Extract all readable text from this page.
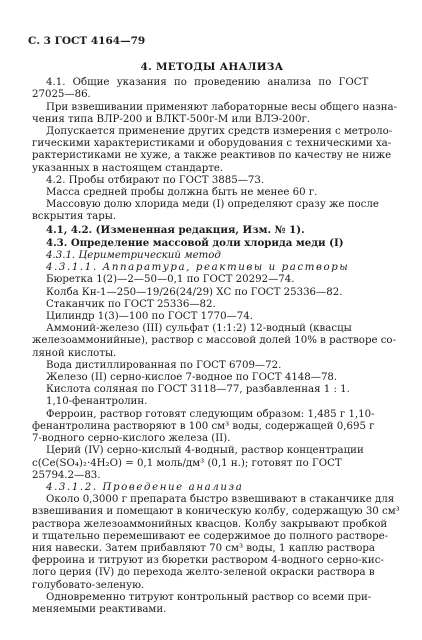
С. 3 ГОСТ 4164—79
4. МЕТОДЫ АНАЛИЗА

4.1. Общие указания по проведению анализа по ГОСТ

27025—86.

При взвешивании применяют лабораторные весы общего назна-

чения типа ВЛР-200 и ВЛКТ-500г-М или ВЛЭ-200г.

Допускается применение других средств измерения с метроло-

гическими характеристиками и оборудования с техническими ха-

рактеристиками не хуже, а также реактивов по качеству не ниже

указанных в настоящем стандарте.

4.2. Пробы отбирают по ГОСТ 3885—73.

Масса средней пробы должна быть не менее 60 г.

Массовую долю хлорида меди (I) определяют сразу же после

вскрытия тары.

4.1, 4.2. (Измененная редакция, Изм. № 1).

4.3. Определение массовой доли хлорида меди (I)

4.3.1. Цериметрический метод

4.3.1.1. Аппаратура, реактивы и растворы

Бюретка 1(2)—2—50—0,1 по ГОСТ 20292—74.

Колба Кн-1—250—19/26(24/29) ХС по ГОСТ 25336—82.

Стаканчик по ГОСТ 25336—82.

Цилиндр 1(3)—100 по ГОСТ 1770—74.

Аммоний-железо (III) сульфат (1:1:2) 12-водный (квасцы

железоаммонийные), раствор с массовой долей 10% в растворе со-

ляной кислоты.

Вода дистиллированная по ГОСТ 6709—72.

Железо (II) серно-кислое 7-водное по ГОСТ 4148—78.

Кислота соляная по ГОСТ 3118—77, разбавленная 1 : 1.

1,10-фенантролин.

Ферроин, раствор готовят следующим образом: 1,485 г 1,10-

фенантролина растворяют в 100 см³ воды, содержащей 0,695 г

7-водного серно-кислого железа (II).

Церий (IV) серно-кислый 4-водный, раствор концентрации

с(Се(SO₄)₂·4H₂O) = 0,1 моль/дм³ (0,1 н.); готовят по ГОСТ

25794.2—83.

4.3.1.2. Проведение анализа

Около 0,3000 г препарата быстро взвешивают в стаканчике для

взвешивания и помещают в коническую колбу, содержащую 30 см³

раствора железоаммонийных квасцов. Колбу закрывают пробкой

и тщательно перемешивают ее содержимое до полного растворе-

ния навески. Затем прибавляют 70 см³ воды, 1 каплю раствора

ферроина и титруют из бюретки раствором 4-водного серно-кис-

лого церия (IV) до перехода желто-зеленой окраски раствора в

голубовато-зеленую.

Одновременно титруют контрольный раствор со всеми при-

меняемыми реактивами.
